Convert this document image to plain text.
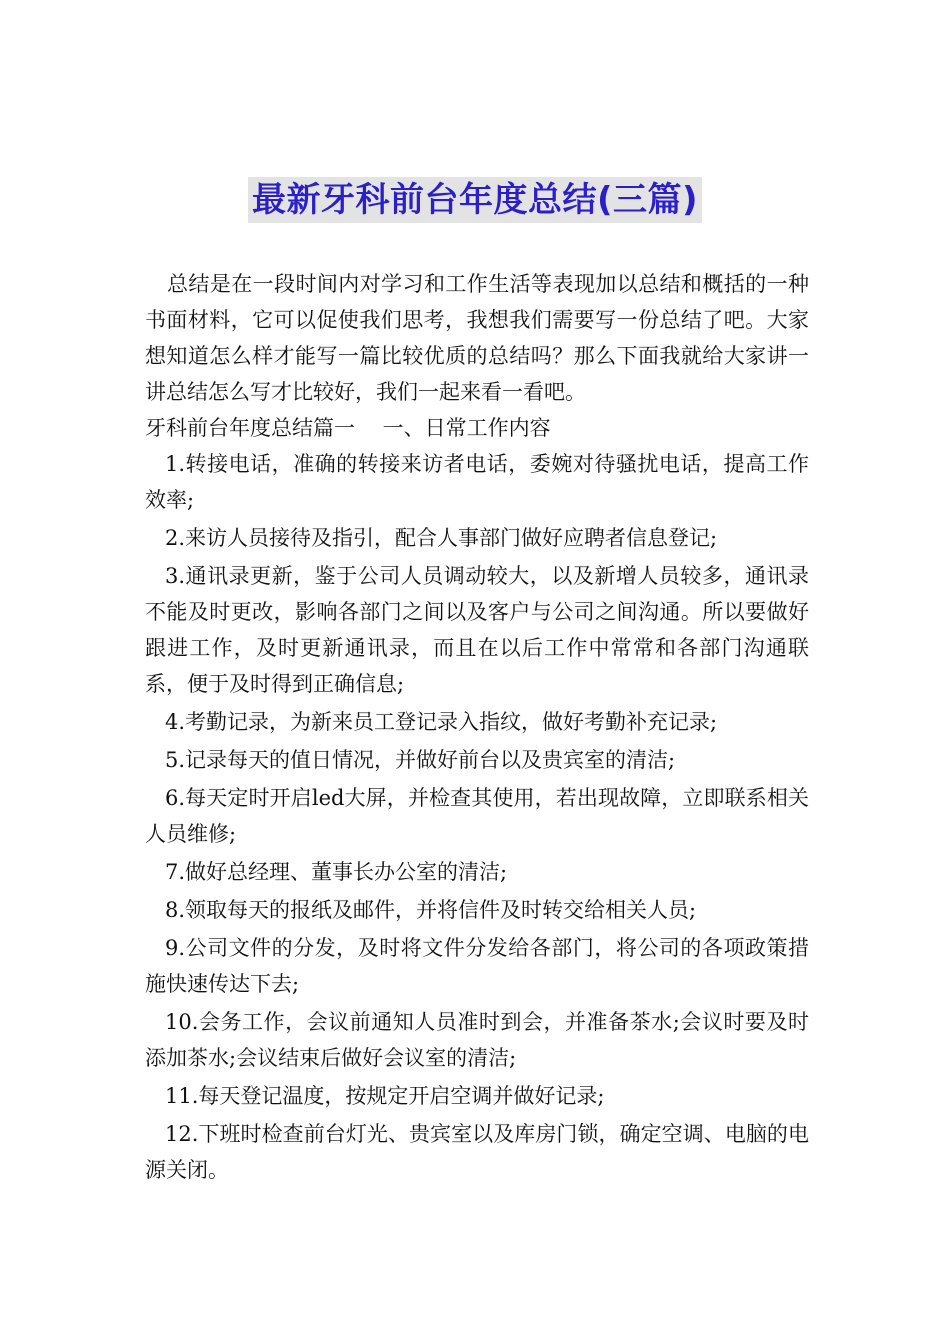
最新牙科前台年度总结(三篇)

总结是在一段时间内对学习和工作生活等表现加以总结和概括的一种书面材料，它可以促使我们思考，我想我们需要写一份总结了吧。大家想知道怎么样才能写一篇比较优质的总结吗？那么下面我就给大家讲一讲总结怎么写才比较好，我们一起来看一看吧。

牙科前台年度总结篇一　 一、日常工作内容

1.转接电话，准确的转接来访者电话，委婉对待骚扰电话，提高工作效率;

2.来访人员接待及指引，配合人事部门做好应聘者信息登记;

3.通讯录更新，鉴于公司人员调动较大，以及新增人员较多，通讯录不能及时更改，影响各部门之间以及客户与公司之间沟通。所以要做好跟进工作，及时更新通讯录，而且在以后工作中常常和各部门沟通联系，便于及时得到正确信息;

4.考勤记录，为新来员工登记录入指纹，做好考勤补充记录;

5.记录每天的值日情况，并做好前台以及贵宾室的清洁;

6.每天定时开启led大屏，并检查其使用，若出现故障，立即联系相关人员维修;

7.做好总经理、董事长办公室的清洁;

8.领取每天的报纸及邮件，并将信件及时转交给相关人员;

9.公司文件的分发，及时将文件分发给各部门，将公司的各项政策措施快速传达下去;

10.会务工作，会议前通知人员准时到会，并准备茶水;会议时要及时添加茶水;会议结束后做好会议室的清洁;

11.每天登记温度，按规定开启空调并做好记录;

12.下班时检查前台灯光、贵宾室以及库房门锁，确定空调、电脑的电源关闭。
